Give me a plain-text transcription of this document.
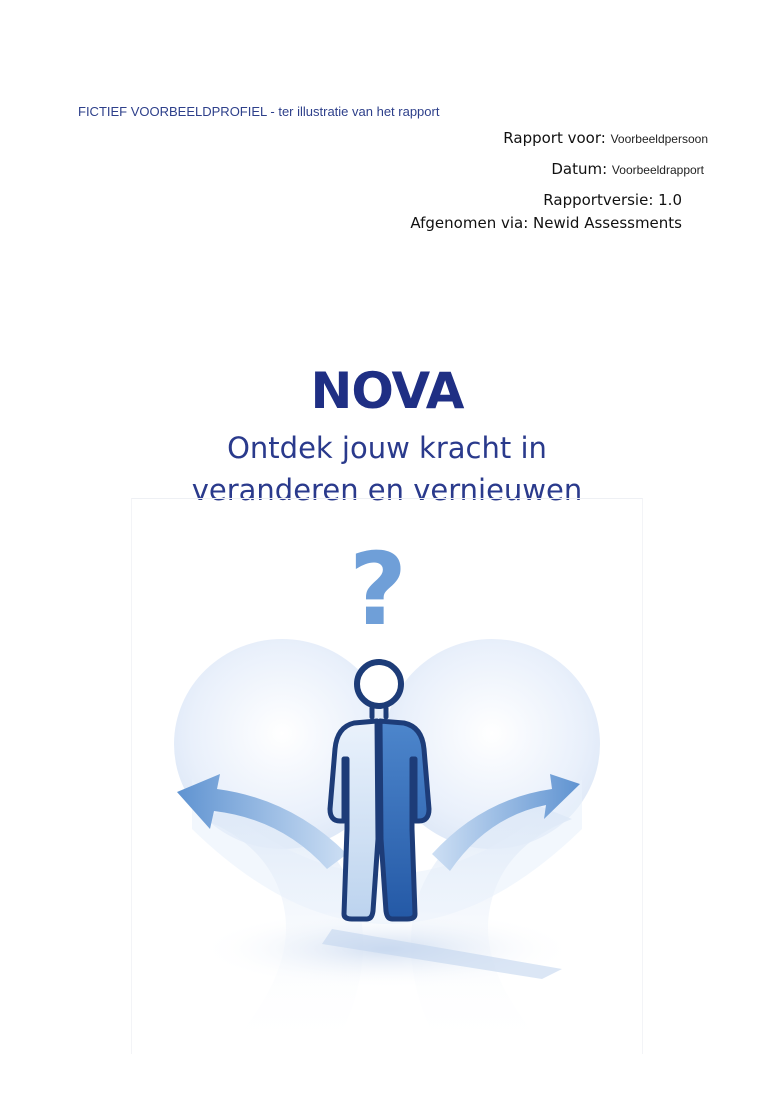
FICTIEF VOORBEELDPROFIEL - ter illustratie van het rapport
Rapport voor: Voorbeeldpersoon
Datum: Voorbeeldrapport
Rapportversie: 1.0
Afgenomen via: Newid Assessments
NOVA
Ontdek jouw kracht in
veranderen en vernieuwen
?
